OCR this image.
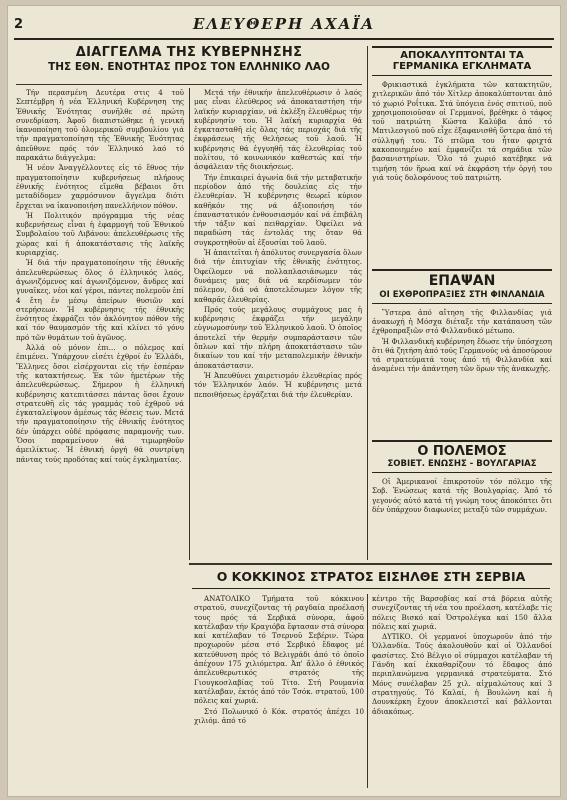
2	ΕΛΕΥΘΕΡΗ ΑΧΑΪΑ
ΔΙΑΓΓΕΛΜΑ ΤΗΣ ΚΥΒΕΡΝΗΣΗΣ
ΤΗΣ ΕΘΝ. ΕΝΟΤΗΤΑΣ ΠΡΟΣ ΤΟΝ ΕΛΛΗΝΙΚΟ ΛΑΟ

Τήν περασμένη Δευτέρα στις 4 τοῦ Σεπτέμβρη ἡ νέα Ἑλληνική Κυβέρνηση της Ἐθνικῆς Ἑνότητας συνῆλθε σέ πρώτη συνεδρίαση. Ἀφοῦ διαπιστώθηκε ἡ γενική ἱκανοποίηση τοῦ ὁλομερικοῦ συμβουλίου γιά τήν πραγματοποίηση τῆς Ἐθνικῆς Ἑνότητας ἀπεῦθυνε πρός τόν Ἑλληνικό λαό τό παρακάτω διάγγελμα:

Ἡ νέον Ἀναγγέλλοντες εἰς τό ἔθνος τήν πραγματοποίησιν κυβερνήσεως πλήρους ἐθνικῆς ἑνότητος εἴμεθα βέβαιοι ὅτι μεταδίδομεν χαρμόσυνον ἄγγελμα διότι ἔρχεται να ἱκανοποιήση πανελλήνιον πόθον.

Ἡ Πολιτικόν πρόγραμμα τῆς νέας κυβερνήσεως εἶναι ἡ ἐφαρμογή τοῦ Ἐθνικοῦ Συμβολαίου τοῦ Λιβάνου: ἀπελευθέρωσις τῆς χώρας καί ἡ ἀποκατάστασις τῆς λαϊκῆς κυριαρχίας.

Ἡ διά τήν πραγματοποίησιν τῆς ἐθνικῆς ἀπελευθερώσεως ὅλος ὁ ἑλληνικός λαός, ἀγωνιζόμενος καί ἀγωνιζόμενον, ἄνδρες καί γυναῖκες, νέοι καί γέροι, πάντες πολεμοῦν ἐπί 4 ἔτη ἐν μέσῳ ἀπείρων θυσιῶν καί στερήσεων. Ἡ κυβέρνησις τῆς ἐθνικῆς ἑνότητος ἐκφράζει τόν ἀκλόνητον πόθον τῆς καί τόν θαυμασμόν τῆς καί κλίνει τό γόνυ πρό τῶν θυμάτων τοῦ ἀγῶνος.

Ἀλλά οὐ μόνον ἐπι... ο πόλεμος καί ἐπιμένει. Ὑπάρχουν εἰσέτι ἐχθροί ἐν Ἑλλάδι, Ἕλληνες ὅσοι εἰσέρχονται εἰς τήν ἑσπέραν τῆς κατακτήσεως. Ἐκ τῶν ἡμετέρων τῆς ἀπελευθερώσεως. Σήμερον ἡ ἑλληνική κυβέρνησις κατεπιτάσσει πάντας ὅσοι ἔχουν στρατευθῆ εἰς τάς γραμμάς τοῦ ἐχθροῦ νά ἐγκαταλείψουν ἀμέσως τάς θέσεις των. Μετά τήν πραγματοποίησιν τῆς ἐθνικῆς ἑνότητος δέν ὑπάρχει οὐδέ πρόφασις παραμονῆς των. Ὅσοι παραμείνουν θά τιμωρηθοῦν ἀμειλίκτως. Ἡ ἐθνική ὀργή θά συντρίψη πάντας τούς προδότας καί τούς ἐγκληματίας.

Μετά τήν ἐθνικήν ἀπελευθέρωσιν ὁ λαός μας εἶναι ἐλεύθερος νά ἀποκαταστήση τήν λαϊκήν κυριαρχίαν, νά ἐκλέξη ἐλευθέρως τήν κυβέρνησίν του. Ἡ λαϊκή κυριαρχία θά ἐγκατασταθῆ εἰς ὅλας τάς περιοχάς διά τῆς ἐκφράσεως τῆς θελήσεως τοῦ λαοῦ. Ἡ κυβέρνησις θά ἐγγυηθῆ τάς ἐλευθερίας τοῦ πολίτου, τό κοινωνικόν καθεστώς καί τήν ἀσφάλειαν τῆς διοικήσεως.

Τήν ἐπικαιρεί ἀγωνία διά τήν μεταβατικήν περίοδον ἀπό τῆς δουλείας εἰς τήν ἐλευθερίαν. Ἡ κυβέρνησις θεωρεῖ κύριον καθῆκόν της νά ἀξιοποιήση τόν ἐπαναστατικόν ἐνθουσιασμόν καί νά ἐπιβάλη τήν τάξιν καί πειθαρχίαν. Ὀφείλει νά παραδώση τάς ἐντολάς της ὅταν θά συγκροτηθοῦν αἱ ἐξουσίαι τοῦ λαοῦ.

Ἡ ἀπαιτεῖται ἡ ἀπόλυτος συνεργασία ὅλων διά τήν ἐπιτυχίαν τῆς ἐθνικῆς ἑνότητος. Ὀφείλομεν νά πολλαπλασιάσωμεν τάς δυνάμεις μας διά νά κερδίσωμεν τόν πόλεμον, διά νά ἀποτελέσωμεν λόγον τῆς καθαρᾶς ἐλευθερίας.

Πρός τούς μεγάλους συμμάχους μας ἡ κυβέρνησις ἐκφράζει τήν μεγάλην εὐγνωμοσύνην τοῦ Ἑλληνικοῦ λαοῦ. Ὁ ὁποῖος ἀποτελεῖ τήν θερμήν συμπαράστασιν τῶν ὅπλων καί τήν πλήρη ἀποκατάστασιν τῶν δικαίων του καί τήν μεταπολεμικήν ἐθνικήν ἀποκατάστασιν.

Ἡ Ἀπευθύνει χαιρετισμόν ἐλευθερίας πρός τόν Ἑλληνικόν λαόν. Ἡ κυβέρνησις μετά πεποιθήσεως ἐργάζεται διά τήν ἐλευθερίαν.

ΑΠΟΚΑΛΥΠΤΟΝΤΑΙ ΤΑ ΓΕΡΜΑΝΙΚΑ ΕΓΚΛΗΜΑΤΑ

Φρικιαστικά ἐγκλήματα τῶν κατακτητῶν, χιτλερικῶν ἀπό τόν Χίτλερ ἀποκαλύπτονται ἀπό τό χωριό Ροΐτικα. Στά ὑπόγεια ἑνός σπιτιοῦ, ποῦ χρησιμοποιοῦσαν οἱ Γερμανοί, βρέθηκε ὁ τάφος τοῦ πατριώτη Κώστα Καλύβα ἀπό τό Μπτιλεσγιοῦ ποῦ εἶχε ἐξαφανισθῆ ὕστερα ἀπό τή σύλληψή του. Τό πτῶμα του ἦταν φριχτά κακοποιημένο καί ἐμφανίζει τά σημάδια τῶν βασανιστηρίων. Ὅλο τό χωριό κατέβηκε νά τιμήση τόν ἥρωα καί νά ἐκφράση τήν ὀργή του γιά τούς δολοφόνους τοῦ πατριώτη.

ΕΠΑΨΑΝ
ΟΙ ΕΧΘΡΟΠΡΑΞΙΕΣ ΣΤΗ ΦΙΝΛΑΝΔΙΑ

Ὕστερα ἀπό αἴτηση τῆς Φιλλανδίας γιά ἀνακωχή ἡ Μόσχα διέταξε τήν κατάπαυση τῶν ἐχθροπραξιῶν στό Φιλλανδικό μέτωπο.

Ἡ Φιλλανδική κυβέρνηση ἔδωσε τήν ὑπόσχεση ὅτι θά ζητήση ἀπό τούς Γερμανούς νά ἀποσύρουν τά στρατεύματά τους ἀπό τή Φιλλανδία καί ἀναμένει τήν ἀπάντηση τῶν ὅρων τῆς ἀνακωχῆς.

Ο ΠΟΛΕΜΟΣ
ΣΟΒΙΕΤ. ΕΝΩΣΗΣ - ΒΟΥΛΓΑΡΙΑΣ

Οἱ Ἀμερικανοί ἐπικροτοῦν τόν πόλεμο τῆς Σοβ. Ἑνώσεως κατά τῆς Βουλγαρίας. Ἀπό τό γεγονός αὐτό κατά τή γνώμη τους ἀποκόπτει ὅτι δέν ὑπάρχουν διαφωνίες μεταξύ τῶν συμμάχων.

Ο ΚΟΚΚΙΝΟΣ ΣΤΡΑΤΟΣ ΕΙΣΗΛΘΕ ΣΤΗ ΣΕΡΒΙΑ

ΑΝΑΤΟΛΙΚΟ Τμήματα τοῦ κόκκινου στρατοῦ, συνεχίζοντας τή ραγδαία προέλασή τους πρός τά Σερβικά σύνορα, ἀφοῦ κατέλαβαν τήν Κραγιόβα ἔφτασαν στά σύνορα καί κατέλαβαν τό Τσερνοῦ Σεβέριν. Τώρα προχωροῦν μέσα στό Σερβικό ἔδαφος μέ κατεύθυνση πρός τό Βελιγράδι ἀπό τό ὁποῖο ἀπέχουν 175 χιλιόμετρα. Ἀπ' ἄλλο ὁ ἐθνικός ἀπελευθερωτικός στρατός τῆς Γιουγκοσλαβίας τοῦ Τίτο. Στή Ρουμανία κατέλαβαν, ἐκτός ἀπό τόν Τσόκ. στρατοῦ, 100 πόλεις καί χωριά.

Στό Πολωνικό ὁ Κόκ. στρατός ἀπέχει 10 χιλιόμ. ἀπό τό

κέντρο τῆς Βαρσοβίας καί στά βόρεια αὐτῆς συνεχίζοντας τή νέα του προέλαση, κατέλαβε τίς πόλεις Βισκό καί Ὀστρολέγκα καί 150 ἄλλα πόλεις καί χωριά.

ΔΥΤΙΚΟ. Οἱ γερμανοί ὑποχωροῦν ἀπό τήν Ὁλλανδία. Τούς ἀκολουθοῦν καί οἱ Ὁλλανδοί φασίστες. Στό Βέλγιο οἱ σύμμαχοι κατέλαβαν τή Γάνδη καί ἐκκαθαρίζουν τό ἔδαφος ἀπό περιπλανώμενα γερμανικά στρατεύματα. Στό Μόνς συνέλαβαν 25 χιλ. αἰχμαλώτους καί 3 στρατηγούς. Τό Καλαί, ἡ Βουλώνη καί ἡ Δουνκέρκη ἔχουν ἀποκλειστεῖ καί βάλλονται ἀδιακόπως.
